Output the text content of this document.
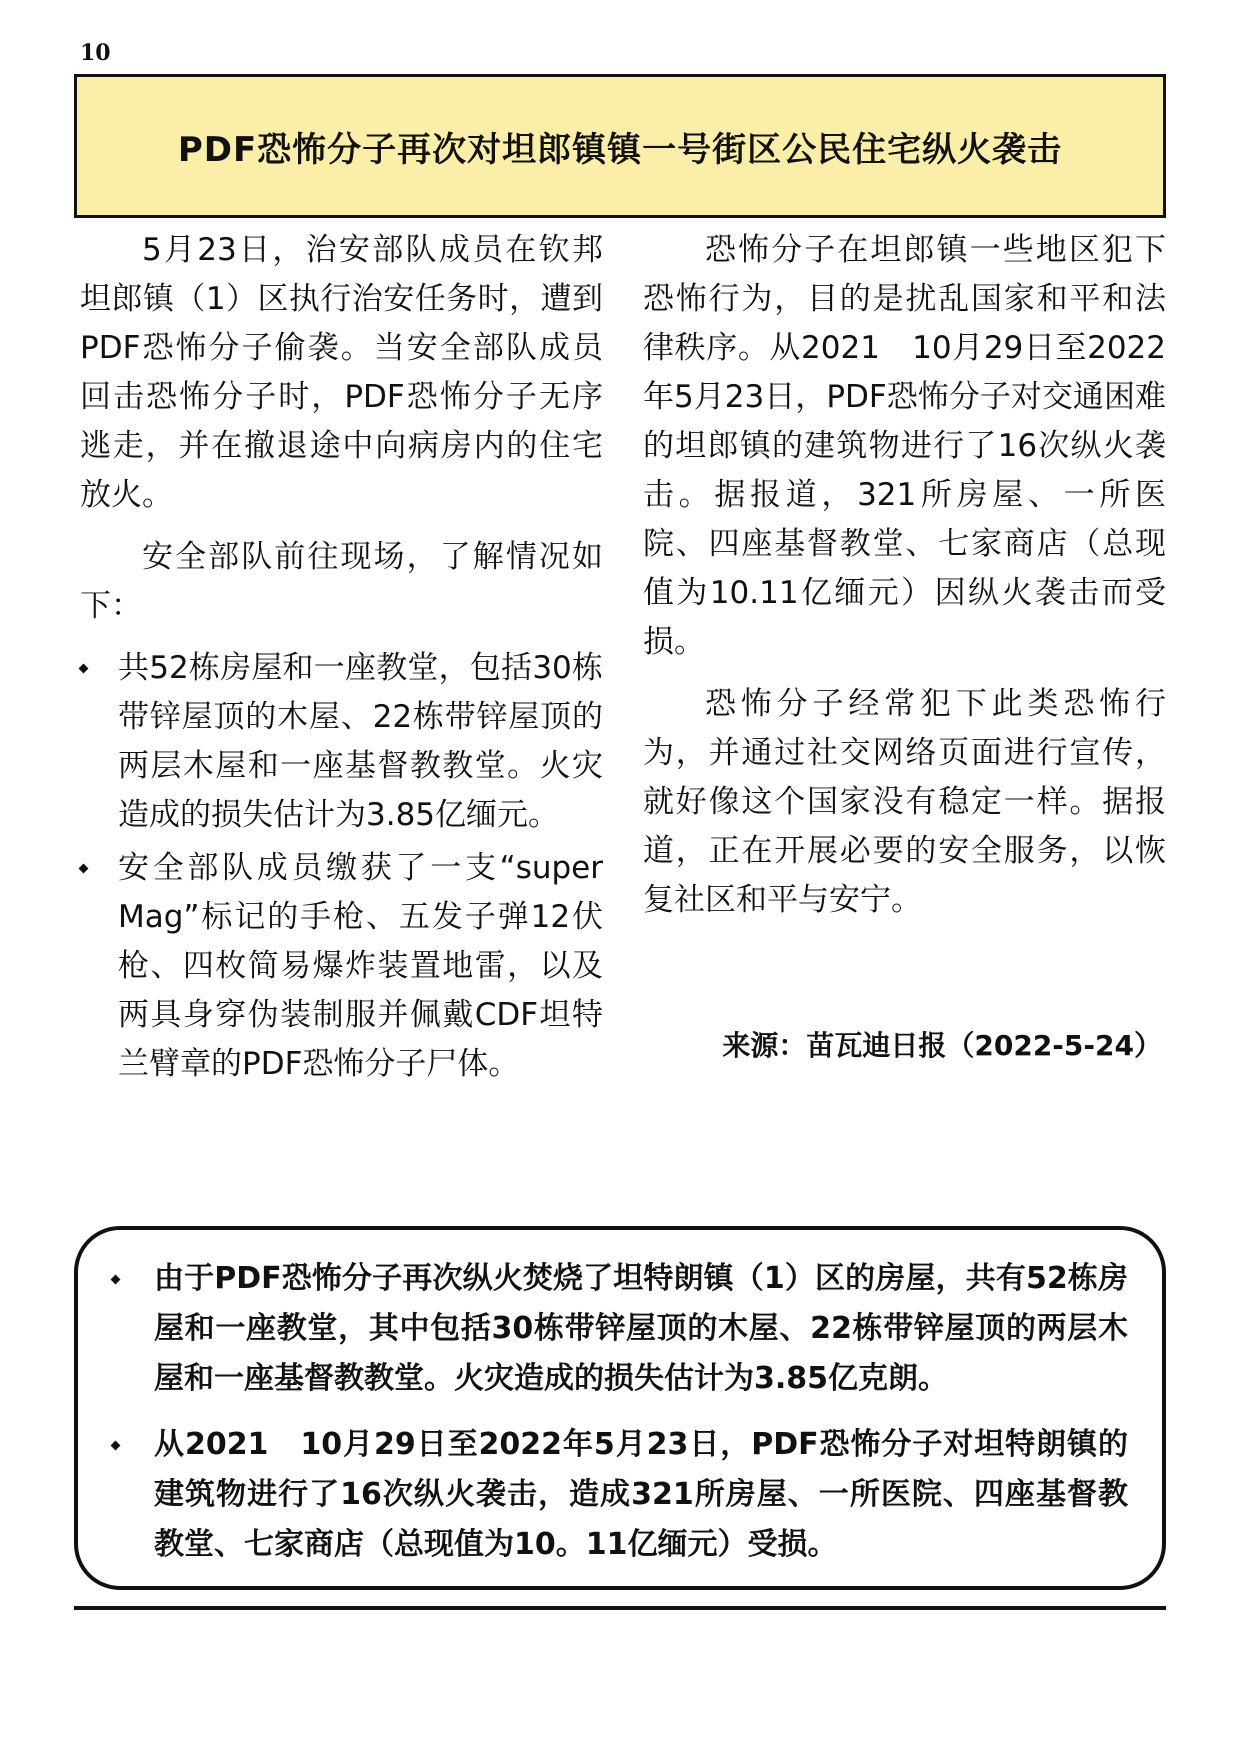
10
PDF恐怖分子再次对坦郎镇镇一号街区公民住宅纵火袭击

5月23日，治安部队成员在钦邦坦郎镇（1）区执行治安任务时，遭到PDF恐怖分子偷袭。当安全部队成员回击恐怖分子时，PDF恐怖分子无序逃走，并在撤退途中向病房内的住宅放火。

安全部队前往现场，了解情况如下：

共52栋房屋和一座教堂，包括30栋带锌屋顶的木屋、22栋带锌屋顶的两层木屋和一座基督教教堂。火灾造成的损失估计为3.85亿缅元。
安全部队成员缴获了一支“super Mag”标记的手枪、五发子弹12伏枪、四枚简易爆炸装置地雷，以及两具身穿伪装制服并佩戴CDF坦特兰臂章的PDF恐怖分子尸体。

恐怖分子在坦郎镇一些地区犯下恐怖行为，目的是扰乱国家和平和法律秩序。从2021　10月29日至2022年5月23日，PDF恐怖分子对交通困难的坦郎镇的建筑物进行了16次纵火袭击。据报道，321所房屋、一所医院、四座基督教堂、七家商店（总现值为10.11亿缅元）因纵火袭击而受损。

恐怖分子经常犯下此类恐怖行为，并通过社交网络页面进行宣传，就好像这个国家没有稳定一样。据报道，正在开展必要的安全服务，以恢复社区和平与安宁。

来源：苗瓦迪日报（2022-5-24）
由于PDF恐怖分子再次纵火焚烧了坦特朗镇（1）区的房屋，共有52栋房屋和一座教堂，其中包括30栋带锌屋顶的木屋、22栋带锌屋顶的两层木屋和一座基督教教堂。火灾造成的损失估计为3.85亿克朗。
从2021　10月29日至2022年5月23日，PDF恐怖分子对坦特朗镇的建筑物进行了16次纵火袭击，造成321所房屋、一所医院、四座基督教教堂、七家商店（总现值为10。11亿缅元）受损。
